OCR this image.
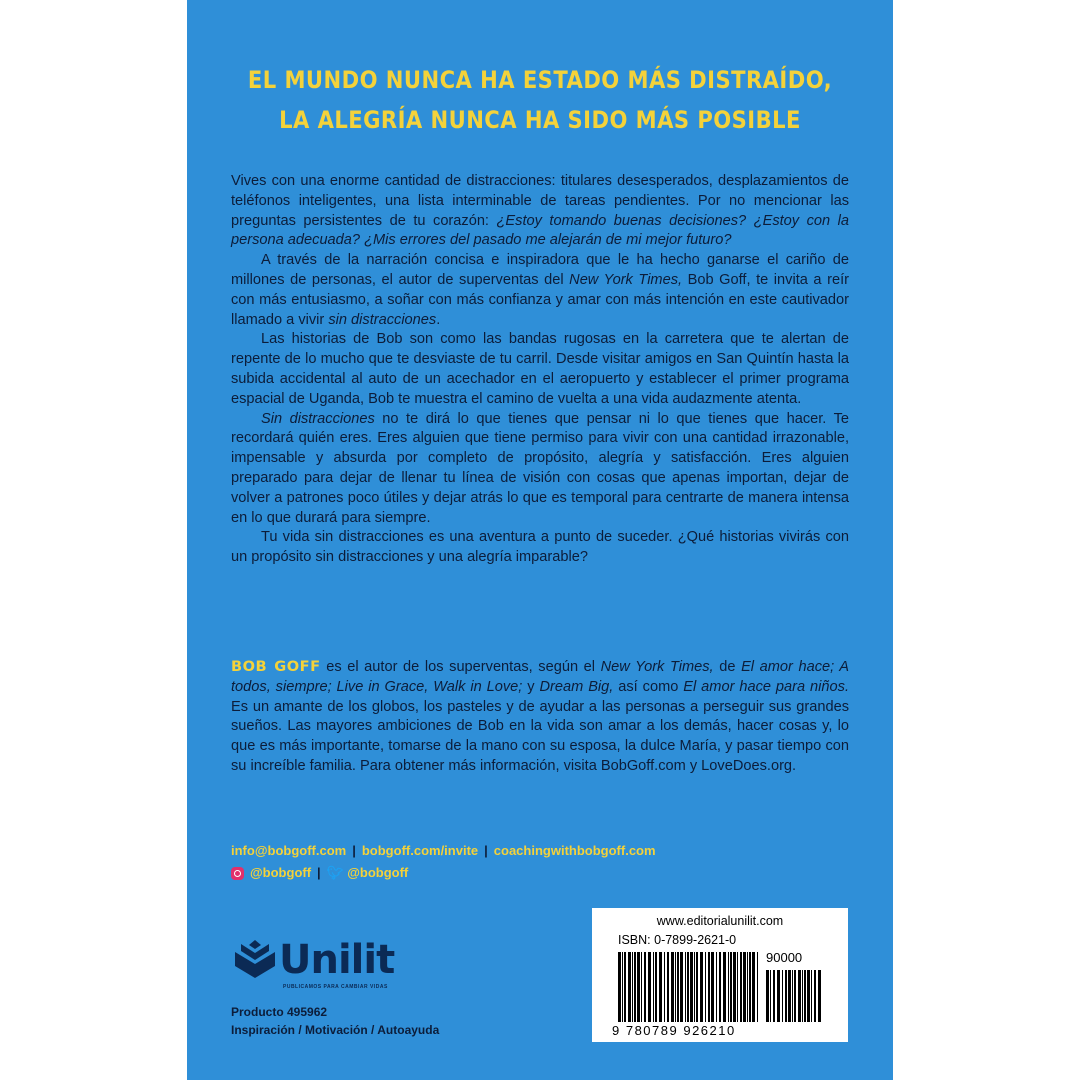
EL MUNDO NUNCA HA ESTADO MÁS DISTRAÍDO,
LA ALEGRÍA NUNCA HA SIDO MÁS POSIBLE

Vives con una enorme cantidad de distracciones: titulares desesperados, desplazamientos de teléfonos inteligentes, una lista interminable de tareas pendientes. Por no mencionar las preguntas persistentes de tu corazón: ¿Estoy tomando buenas decisiones? ¿Estoy con la persona adecuada? ¿Mis errores del pasado me alejarán de mi mejor futuro?

A través de la narración concisa e inspiradora que le ha hecho ganarse el cariño de millones de personas, el autor de superventas del New York Times, Bob Goff, te invita a reír con más entusiasmo, a soñar con más confianza y amar con más intención en este cautivador llamado a vivir sin distracciones.

Las historias de Bob son como las bandas rugosas en la carretera que te alertan de repente de lo mucho que te desviaste de tu carril. Desde visitar amigos en San Quintín hasta la subida accidental al auto de un acechador en el aeropuerto y establecer el primer programa espacial de Uganda, Bob te muestra el camino de vuelta a una vida audazmente atenta.

Sin distracciones no te dirá lo que tienes que pensar ni lo que tienes que hacer. Te recordará quién eres. Eres alguien que tiene permiso para vivir con una cantidad irrazonable, impensable y absurda por completo de propósito, alegría y satisfacción. Eres alguien preparado para dejar de llenar tu línea de visión con cosas que apenas importan, dejar de volver a patrones poco útiles y dejar atrás lo que es temporal para centrarte de manera intensa en lo que durará para siempre.

Tu vida sin distracciones es una aventura a punto de suceder. ¿Qué historias vivirás con un propósito sin distracciones y una alegría imparable?

BOB GOFF es el autor de los superventas, según el New York Times, de El amor hace; A todos, siempre; Live in Grace, Walk in Love; y Dream Big, así como El amor hace para niños. Es un amante de los globos, los pasteles y de ayudar a las personas a perseguir sus grandes sueños. Las mayores ambiciones de Bob en la vida son amar a los demás, hacer cosas y, lo que es más importante, tomarse de la mano con su esposa, la dulce María, y pasar tiempo con su increíble familia. Para obtener más información, visita BobGoff.com y LoveDoes.org.

info@bobgoff.com | bobgoff.com/invite | coachingwithbobgoff.com
@bobgoff | 🐦︎ @bobgoff
Unilit
PUBLICAMOS PARA CAMBIAR VIDAS
Producto 495962
Inspiración / Motivación / Autoayuda
www.editorialunilit.com
ISBN: 0-7899-2621-0
90000
9 780789 926210
